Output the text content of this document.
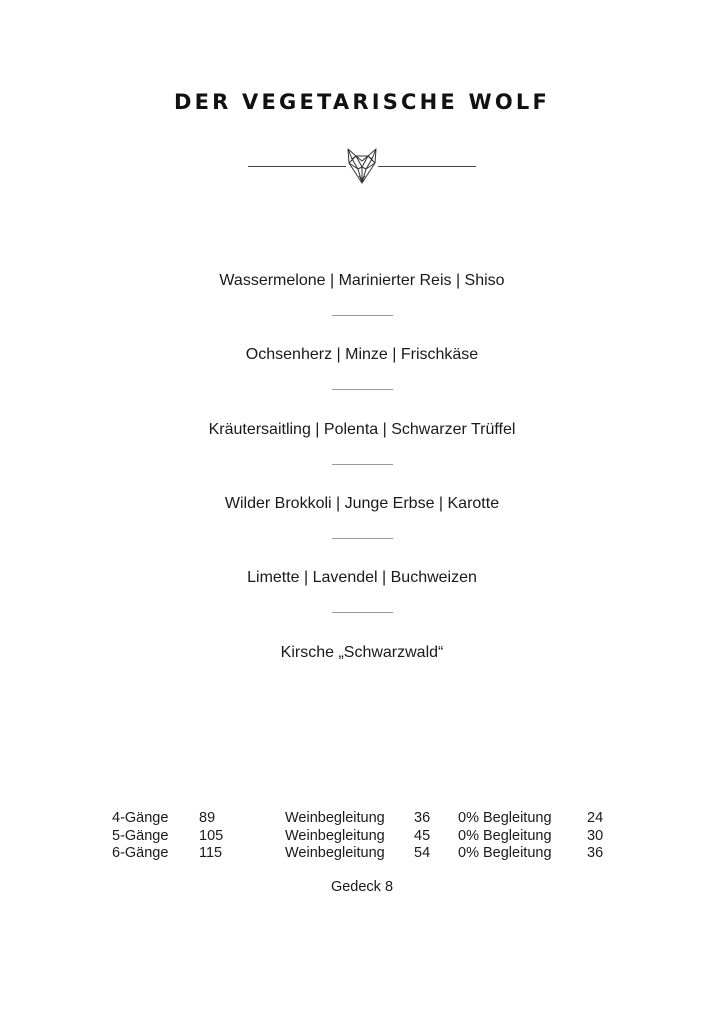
DER VEGETARISCHE WOLF
Wassermelone | Marinierter Reis | Shiso
Ochsenherz | Minze | Frischkäse
Kräutersaitling | Polenta | Schwarzer Trüffel
Wilder Brokkoli | Junge Erbse | Karotte
Limette | Lavendel | Buchweizen
Kirsche „Schwarzwald“
4-Gänge 89	Weinbegleitung 36 0% Begleitung 24
5-Gänge 105	Weinbegleitung 45 0% Begleitung 30
6-Gänge 115	Weinbegleitung 54 0% Begleitung 36
Gedeck 8
